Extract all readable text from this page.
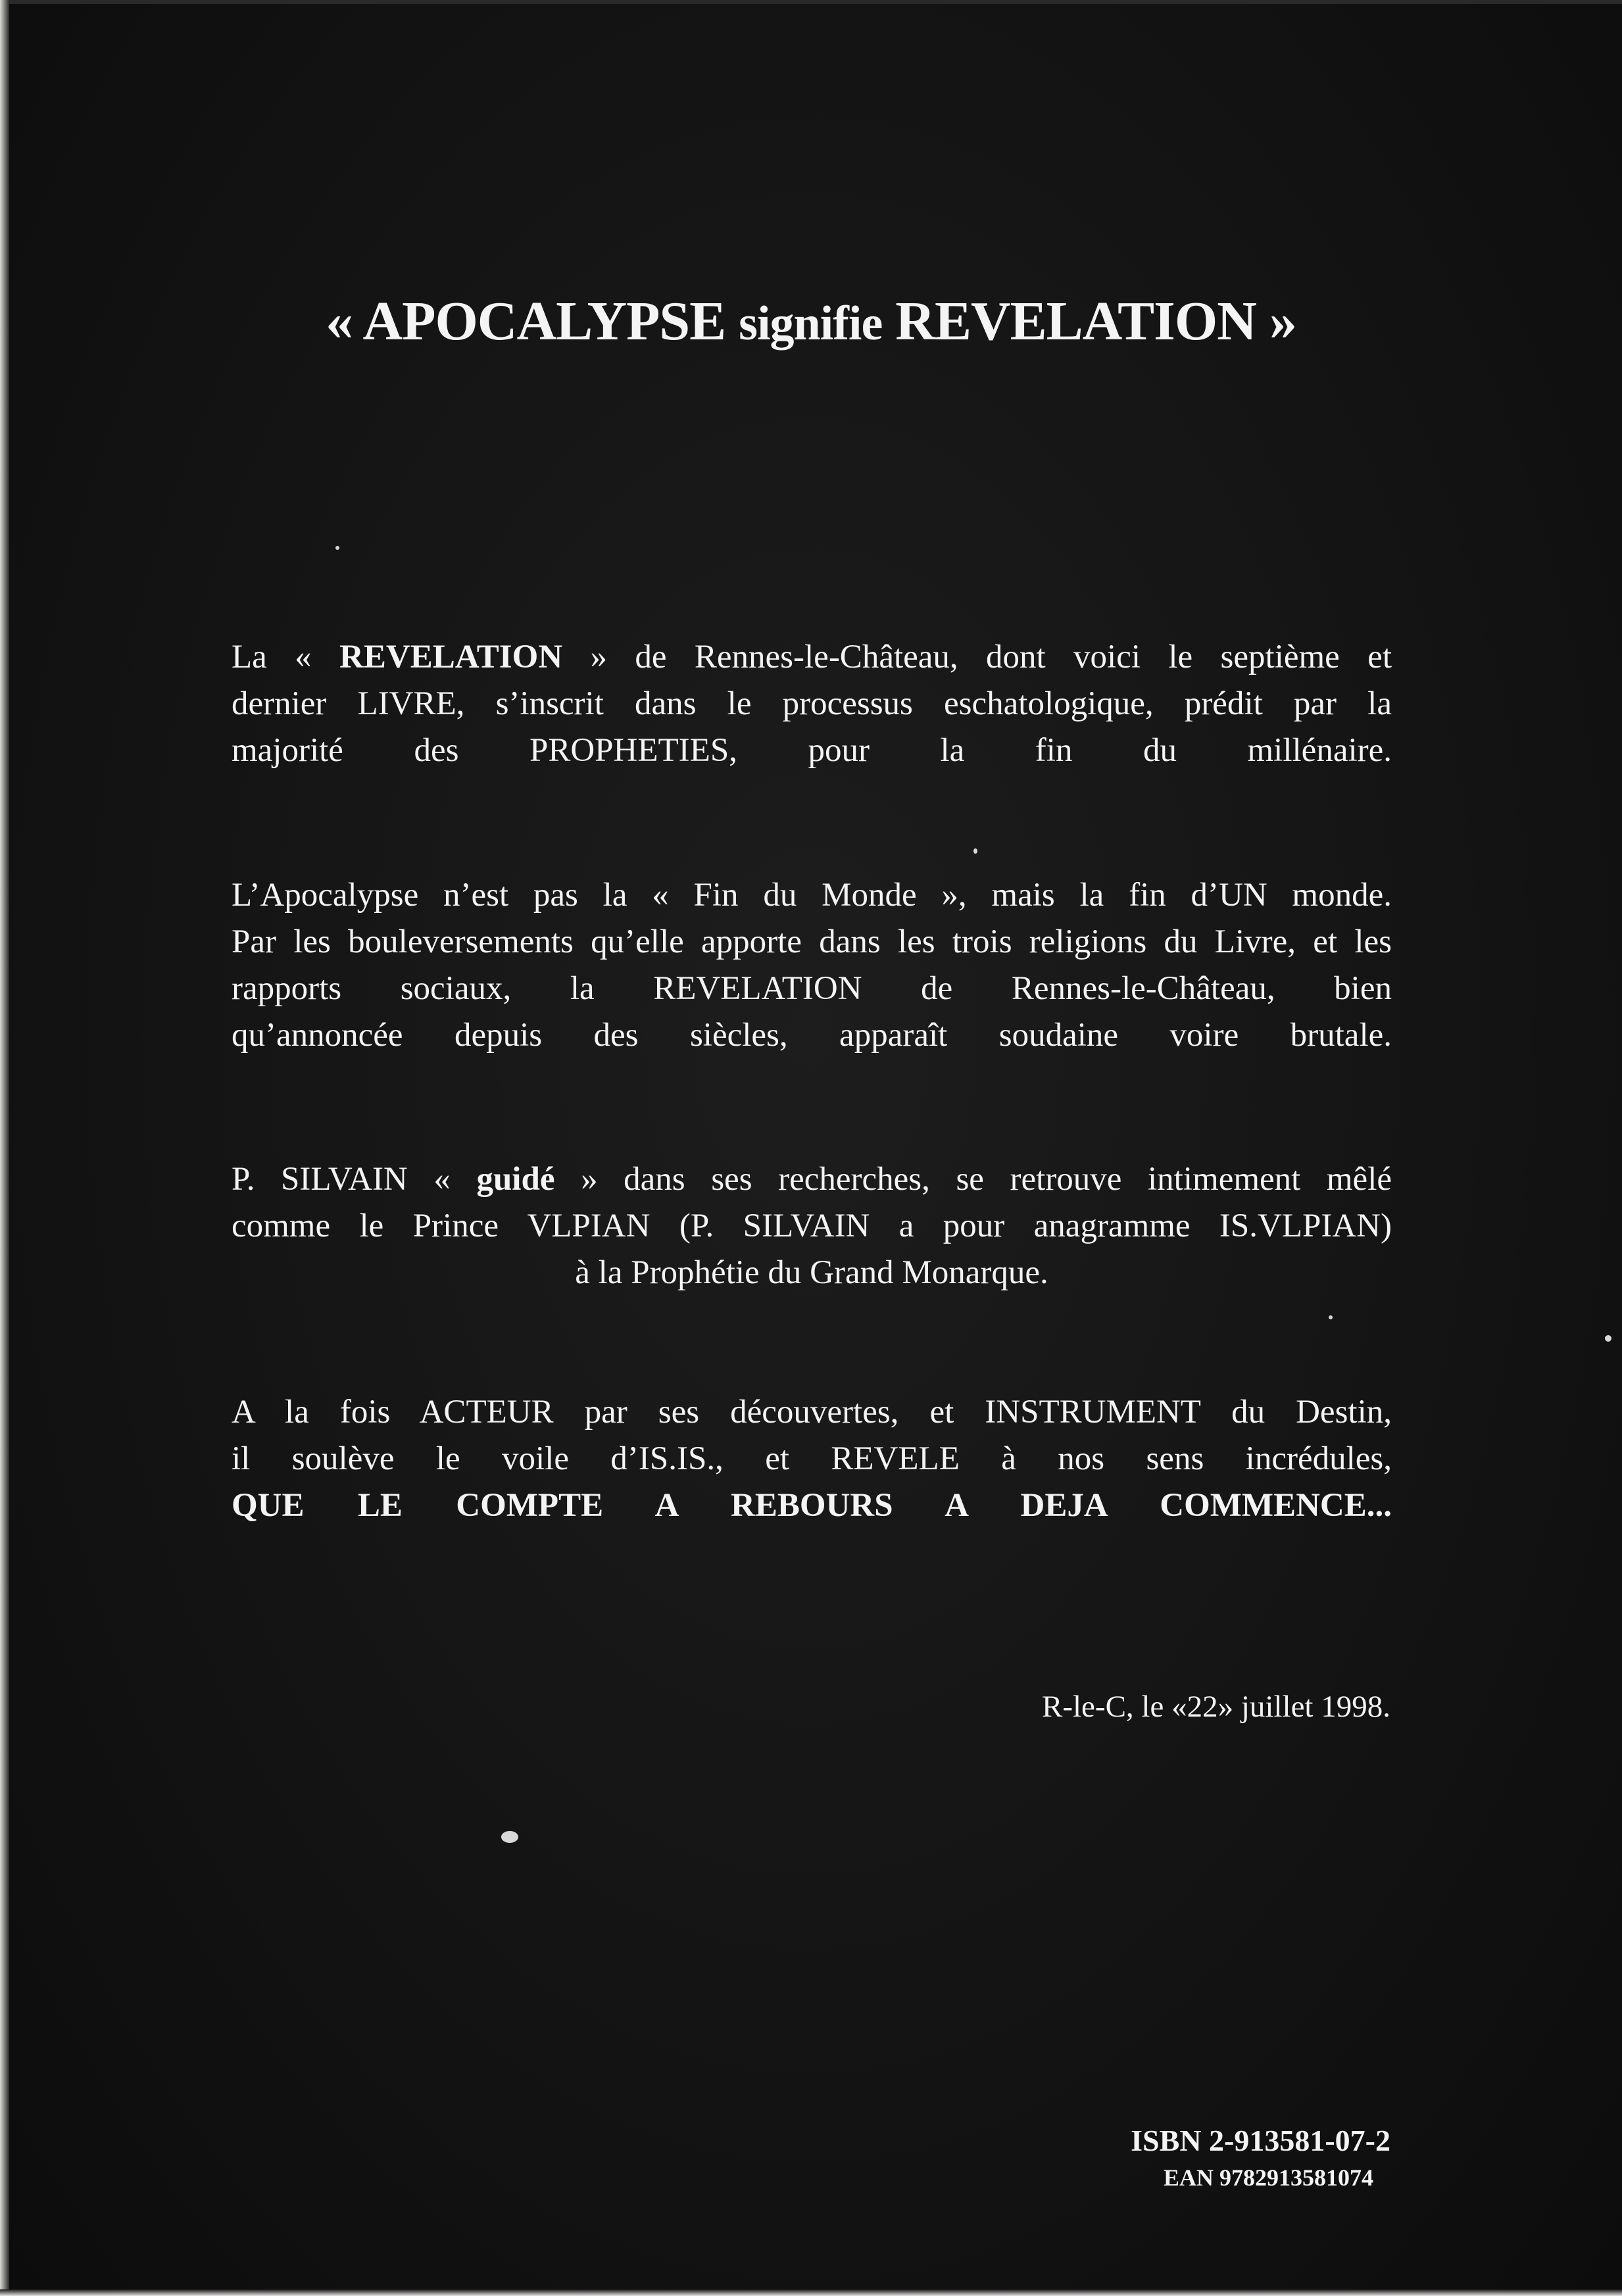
« APOCALYPSE signifie REVELATION »
La « REVELATION » de Rennes-le-Château, dont voici le septième et
dernier LIVRE, s’inscrit dans le processus eschatologique, prédit par la
majorité des PROPHETIES, pour la fin du millénaire.
L’Apocalypse n’est pas la « Fin du Monde », mais la fin d’UN monde.
Par les bouleversements qu’elle apporte dans les trois religions du Livre, et les
rapports sociaux, la REVELATION de Rennes-le-Château, bien
qu’annoncée depuis des siècles, apparaît soudaine voire brutale.
P. SILVAIN « guidé » dans ses recherches, se retrouve intimement mêlé
comme le Prince VLPIAN (P. SILVAIN a pour anagramme IS.VLPIAN)
à la Prophétie du Grand Monarque.
A la fois ACTEUR par ses découvertes, et INSTRUMENT du Destin,
il soulève le voile d’IS.IS., et REVELE à nos sens incrédules,
QUE LE COMPTE A REBOURS A DEJA COMMENCE...
R-le-C, le «22» juillet 1998.
ISBN 2-913581-07-2
EAN 9782913581074
